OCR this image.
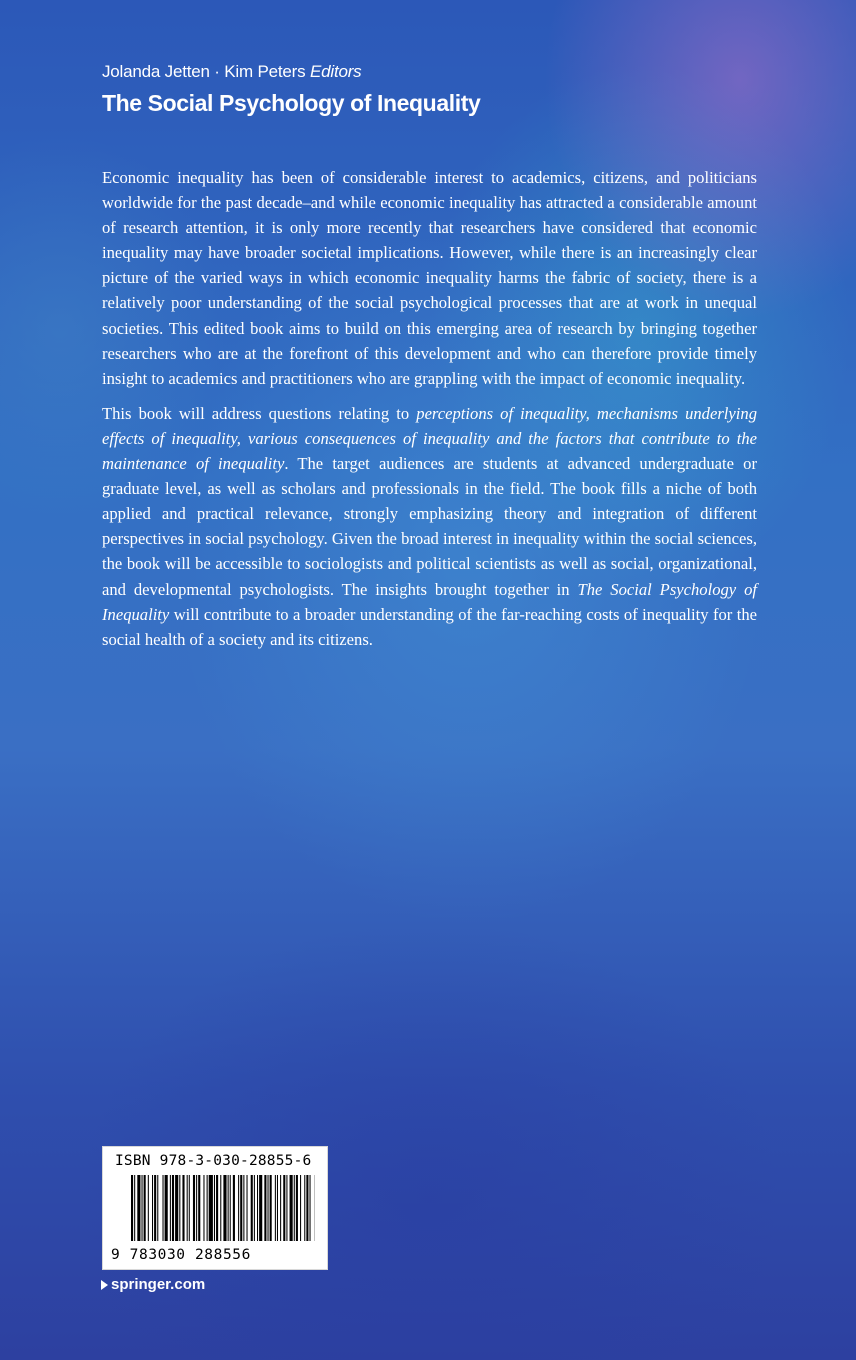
Jolanda Jetten · Kim Peters Editors
The Social Psychology of Inequality

Economic inequality has been of considerable interest to academics, citizens, and politicians worldwide for the past decade–and while economic inequality has attracted a considerable amount of research attention, it is only more recently that researchers have considered that economic inequality may have broader societal implications. However, while there is an increasingly clear picture of the varied ways in which economic inequality harms the fabric of society, there is a relatively poor understanding of the social psychological processes that are at work in unequal societies. This edited book aims to build on this emerging area of research by bringing together researchers who are at the forefront of this development and who can therefore provide timely insight to academics and practitioners who are grappling with the impact of economic inequality.

This book will address questions relating to perceptions of inequality, mechanisms underlying effects of inequality, various consequences of inequality and the factors that contribute to the maintenance of inequality. The target audiences are students at advanced undergraduate or graduate level, as well as scholars and professionals in the field. The book fills a niche of both applied and practical relevance, strongly emphasizing theory and integration of different perspectives in social psychology. Given the broad interest in inequality within the social sciences, the book will be accessible to sociologists and political scientists as well as social, organizational, and developmental psychologists. The insights brought together in The Social Psychology of Inequality will contribute to a broader understanding of the far-reaching costs of inequality for the social health of a society and its citizens.

ISBN 978-3-030-28855-6
9 783030 288556
springer.com
